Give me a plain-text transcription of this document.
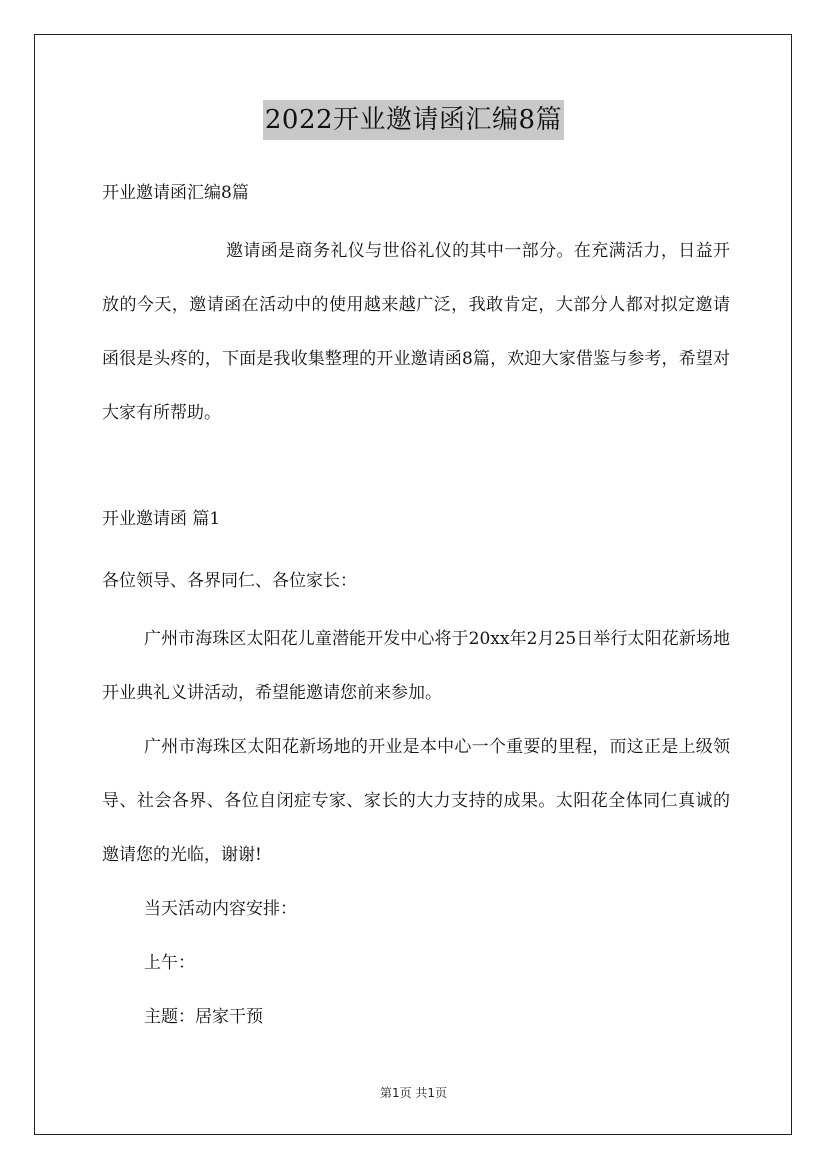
2022开业邀请函汇编8篇

开业邀请函汇编8篇

邀请函是商务礼仪与世俗礼仪的其中一部分。在充满活力，日益开放的今天，邀请函在活动中的使用越来越广泛，我敢肯定，大部分人都对拟定邀请函很是头疼的，下面是我收集整理的开业邀请函8篇，欢迎大家借鉴与参考，希望对大家有所帮助。

开业邀请函 篇1

各位领导、各界同仁、各位家长：

广州市海珠区太阳花儿童潜能开发中心将于20xx年2月25日举行太阳花新场地开业典礼义讲活动，希望能邀请您前来参加。

广州市海珠区太阳花新场地的开业是本中心一个重要的里程，而这正是上级领导、社会各界、各位自闭症专家、家长的大力支持的成果。太阳花全体同仁真诚的邀请您的光临，谢谢!

当天活动内容安排：

上午：

主题：居家干预

第1页 共1页
